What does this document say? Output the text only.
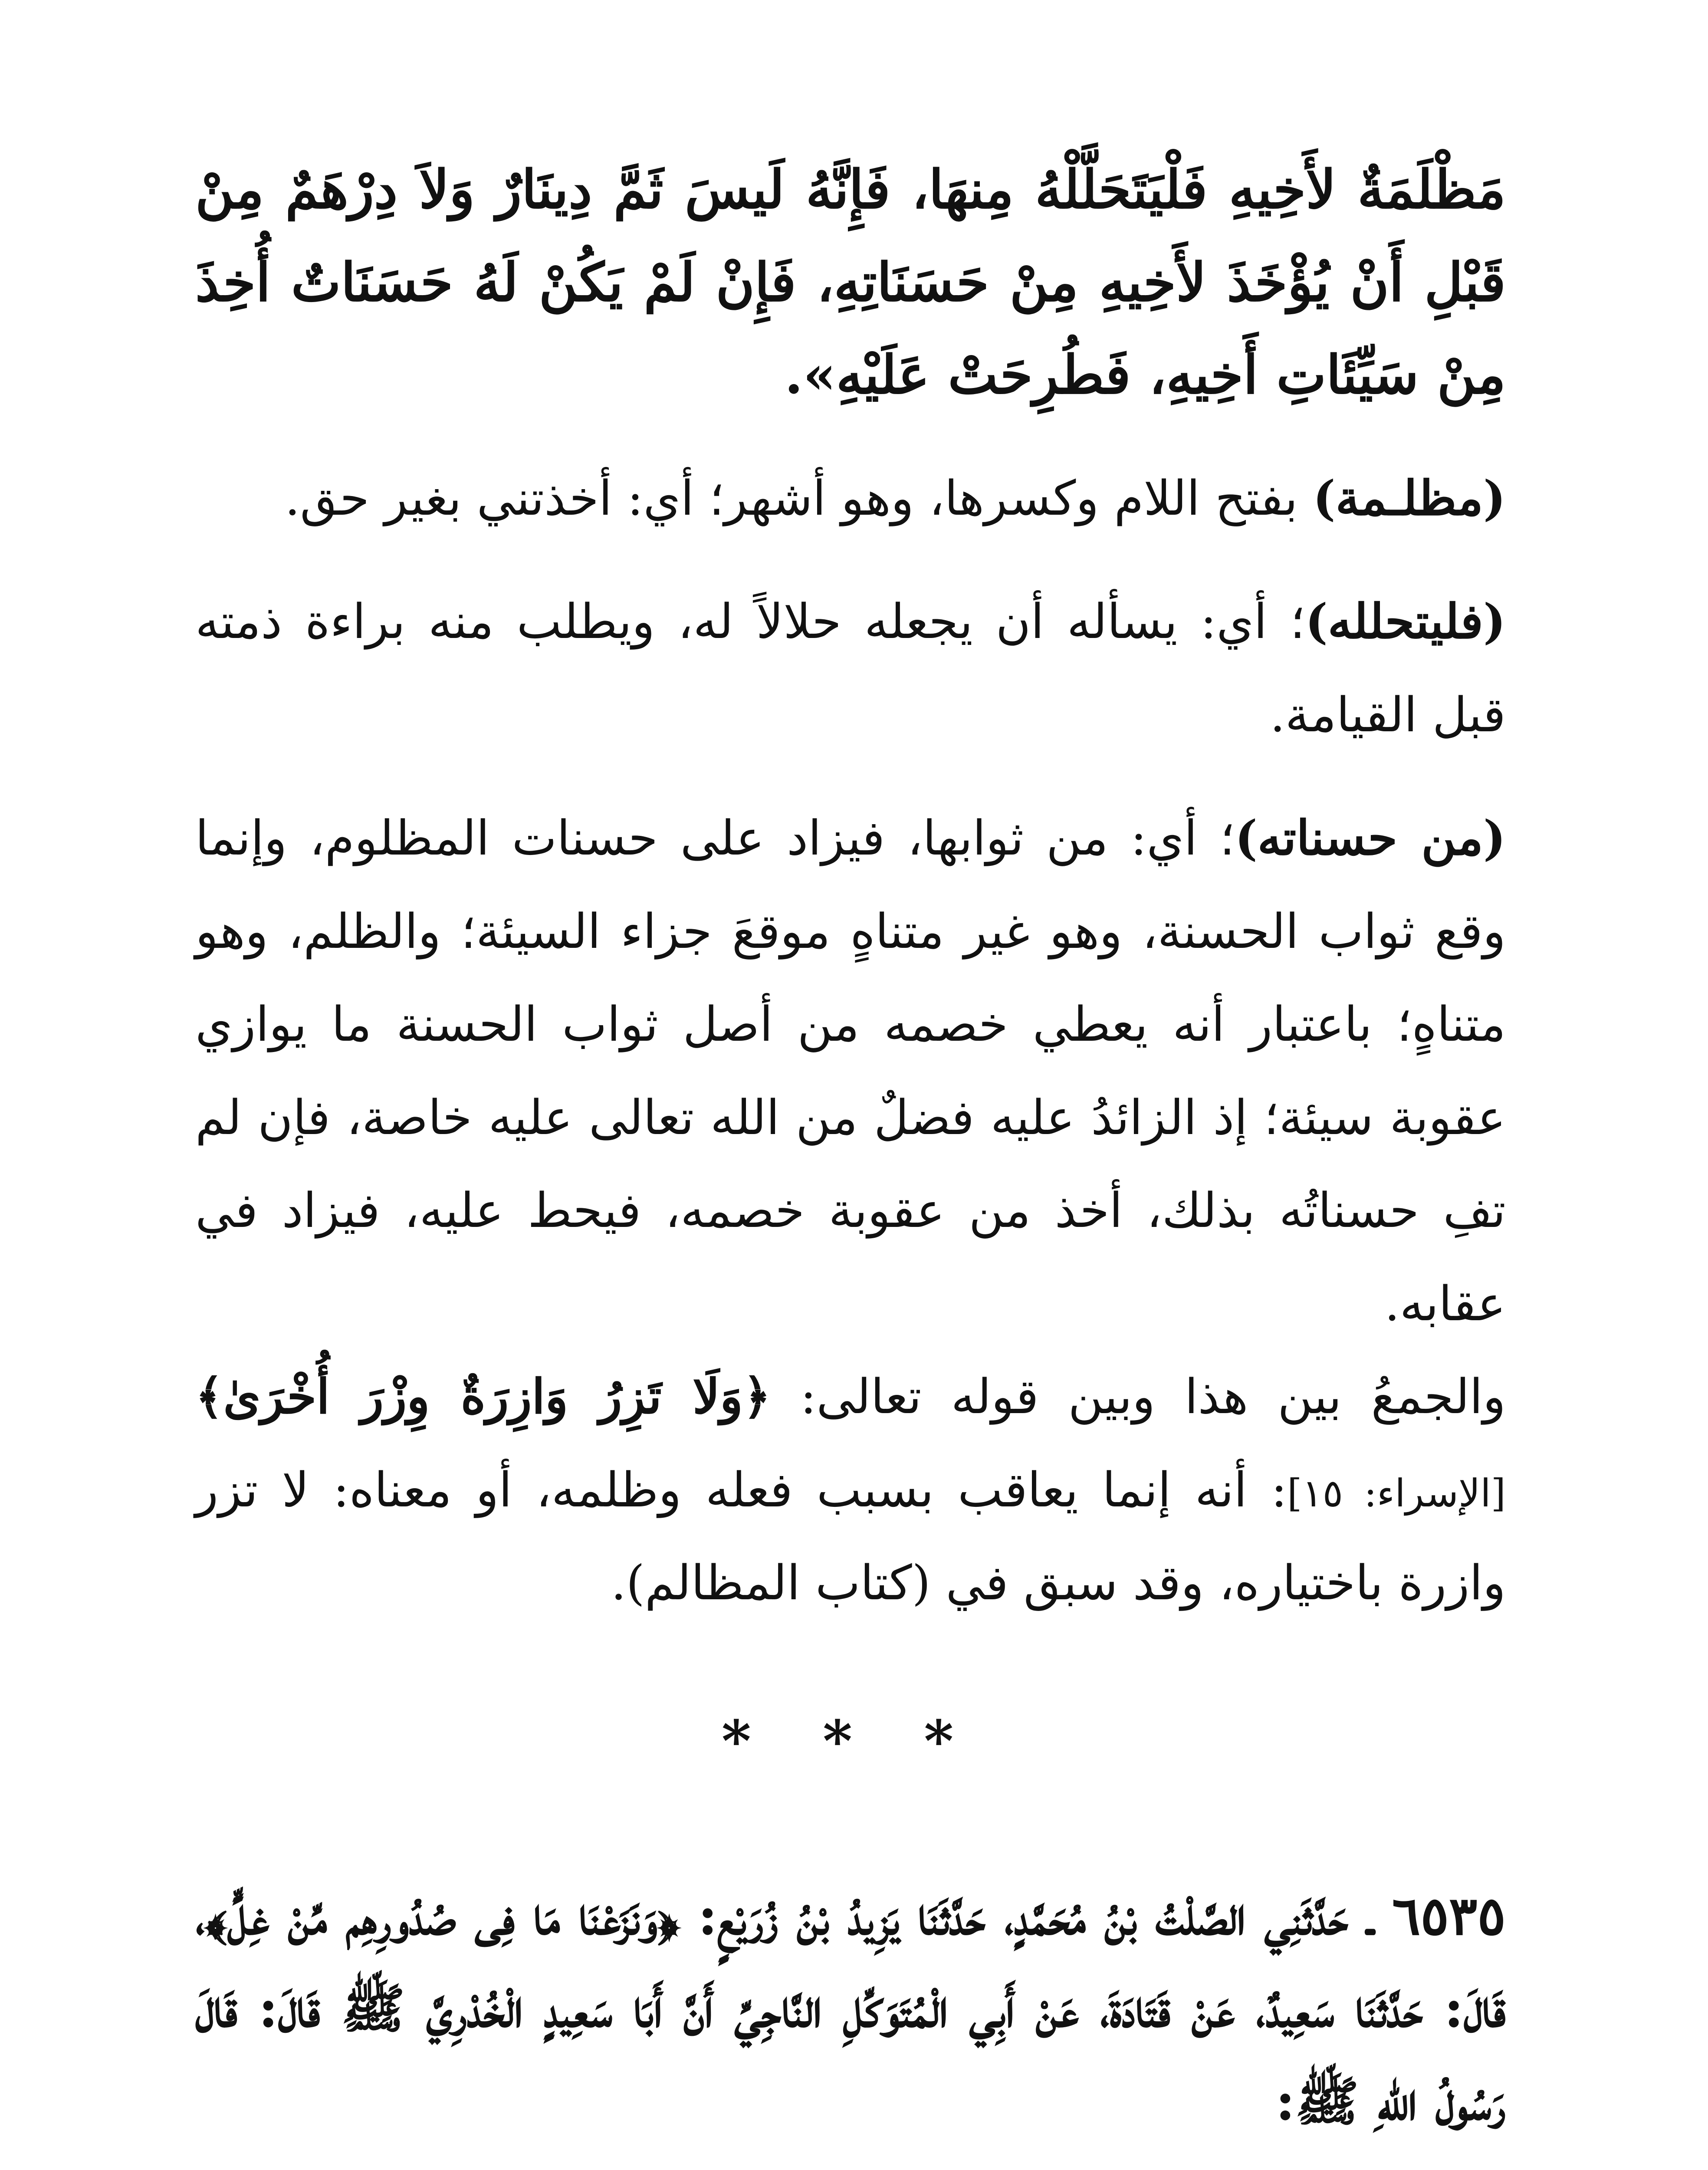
مَظْلَمَةٌ لأَخِيهِ فَلْيَتَحَلَّلْهُ مِنهَا، فَإِنَّهُ لَيسَ ثَمَّ دِينَارٌ وَلاَ دِرْهَمٌ مِنْ قَبْلِ أَنْ يُؤْخَذَ لأَخِيهِ مِنْ حَسَنَاتِهِ، فَإِنْ لَمْ يَكُنْ لَهُ حَسَنَاتٌ أُخِذَ مِنْ سَيِّئَاتِ أَخِيهِ، فَطُرِحَتْ عَلَيْهِ».

(مظلـمة) بفتح اللام وكسرها، وهو أشهر؛ أي: أخذتني بغير حق.

(فليتحلله)؛ أي: يسأله أن يجعله حلالاً له، ويطلب منه براءة ذمته قبل القيامة.

(من حسناته)؛ أي: من ثوابها، فيزاد على حسنات المظلوم، وإنما وقع ثواب الحسنة، وهو غير متناهٍ موقعَ جزاء السيئة؛ والظلم، وهو متناهٍ؛ باعتبار أنه يعطي خصمه من أصل ثواب الحسنة ما يوازي عقوبة سيئة؛ إذ الزائدُ عليه فضلٌ من الله تعالى عليه خاصة، فإن لم تفِ حسناتُه بذلك، أخذ من عقوبة خصمه، فيحط عليه، فيزاد في عقابه.

والجمعُ بين هذا وبين قوله تعالى: ﴿وَلَا تَزِرُ وَازِرَةٌ وِزْرَ أُخْرَىٰ﴾ [الإسراء: ١٥]: أنه إنما يعاقب بسبب فعله وظلمه، أو معناه: لا تزر وازرة باختياره، وقد سبق في (كتاب المظالم).

* * *

٦٥٣٥ ـ حَدَّثَنِي الصَّلْتُ بْنُ مُحَمَّدٍ، حَدَّثَنَا يَزِيدُ بْنُ زُرَيْعٍ: ﴿وَنَزَعْنَا مَا فِى صُدُورِهِم مِّنْ غِلٍّ﴾، قَالَ: حَدَّثَنَا سَعِيدٌ، عَنْ قَتَادَةَ، عَنْ أَبِي الْمُتَوَكِّلِ النَّاجِيِّ أَنَّ أَبَا سَعِيدٍ الْخُدْرِيَّ ﷺ قَالَ: قَالَ رَسُولُ اللهِ ﷺ:
